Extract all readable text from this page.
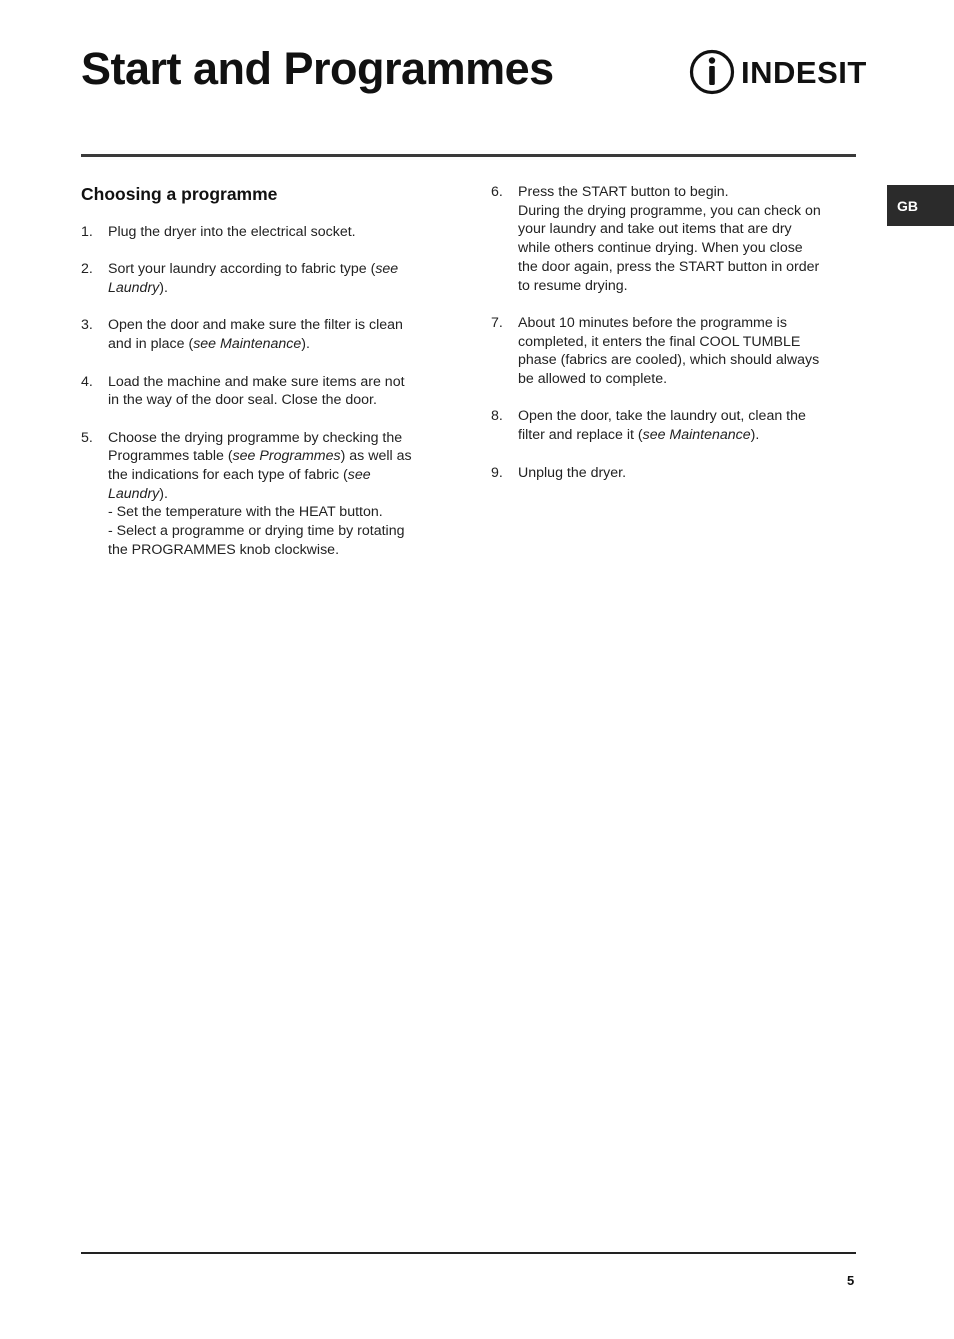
Start and Programmes	INDESIT
GB
Choosing a programme
1.	Plug the dryer into the electrical socket.
2.	Sort your laundry according to fabric type (see
Laundry).
3.	Open the door and make sure the filter is clean
and in place (see Maintenance).
4.	Load the machine and make sure items are not
in the way of the door seal. Close the door.
5.	Choose the drying programme by checking the
Programmes table (see Programmes) as well as
the indications for each type of fabric (see
Laundry).
- Set the temperature with the HEAT button.
- Select a programme or drying time by rotating
the PROGRAMMES knob clockwise.
6.	Press the START button to begin.
During the drying programme, you can check on
your laundry and take out items that are dry
while others continue drying. When you close
the door again, press the START button in order
to resume drying.
7.	About 10 minutes before the programme is
completed, it enters the final COOL TUMBLE
phase (fabrics are cooled), which should always
be allowed to complete.
8.	Open the door, take the laundry out, clean the
filter and replace it (see Maintenance).
9.	Unplug the dryer.
5
